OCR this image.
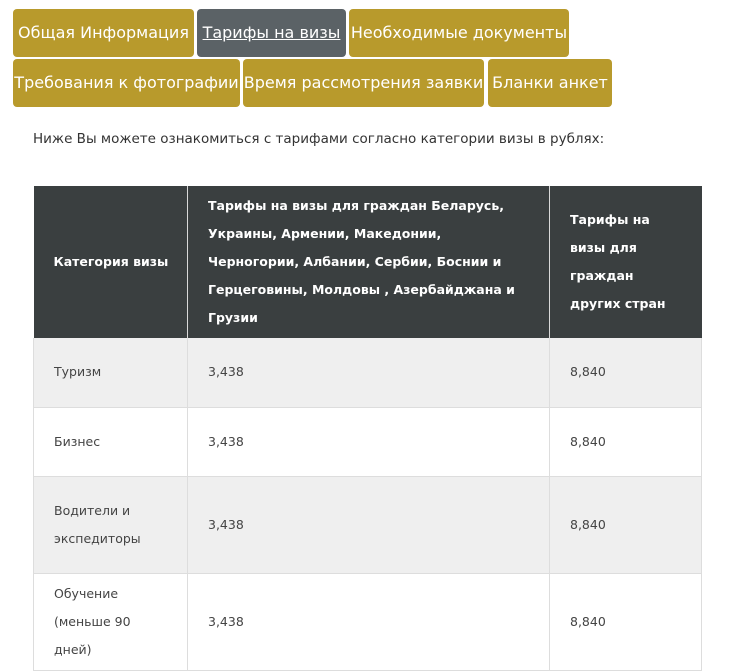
Общая Информация Тарифы на визы Необходимые документы
Требования к фотографии Время рассмотрения заявки Бланки анкет

Ниже Вы можете ознакомиться с тарифами согласно категории визы в рублях:

Категория визы	Тарифы на визы для граждан Беларусь, Украины, Армении, Македонии, Черногории, Албании, Сербии, Боснии и Герцеговины, Молдовы , Азербайджана и Грузии	Тарифы на визы для граждан других стран
Туризм	3,438	8,840
Бизнес	3,438	8,840
Водители и экспедиторы	3,438	8,840
Обучение (меньше 90 дней)	3,438	8,840
